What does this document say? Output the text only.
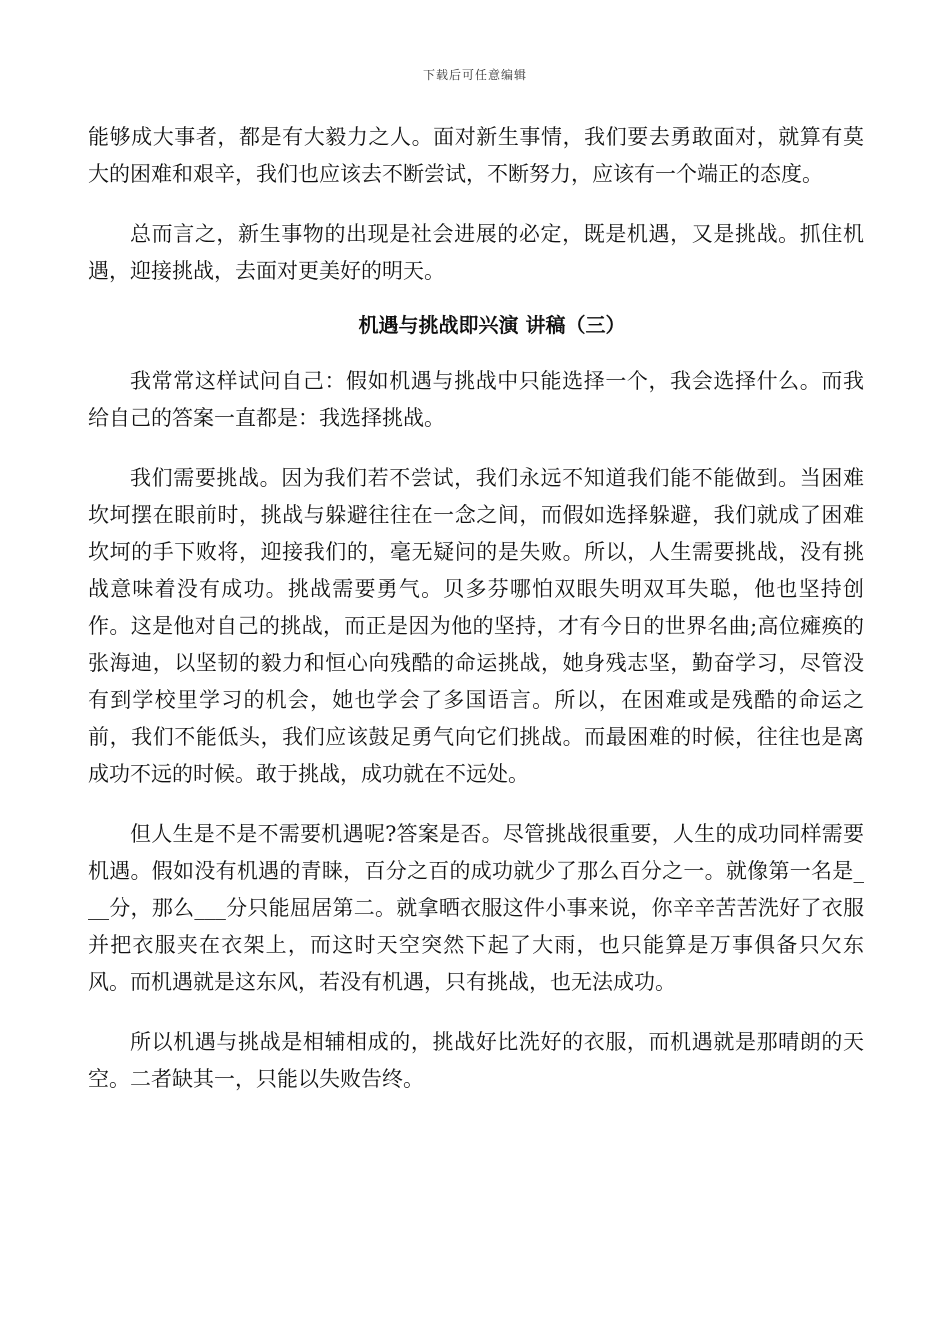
下载后可任意编辑

能够成大事者，都是有大毅力之人。面对新生事情，我们要去勇敢面对，就算有莫大的困难和艰辛，我们也应该去不断尝试，不断努力，应该有一个端正的态度。

总而言之，新生事物的出现是社会进展的必定，既是机遇，又是挑战。抓住机遇，迎接挑战，去面对更美好的明天。

机遇与挑战即兴演 讲稿（三）

我常常这样试问自己：假如机遇与挑战中只能选择一个，我会选择什么。而我给自己的答案一直都是：我选择挑战。

我们需要挑战。因为我们若不尝试，我们永远不知道我们能不能做到。当困难坎坷摆在眼前时，挑战与躲避往往在一念之间，而假如选择躲避，我们就成了困难坎坷的手下败将，迎接我们的，毫无疑问的是失败。所以，人生需要挑战，没有挑战意味着没有成功。挑战需要勇气。贝多芬哪怕双眼失明双耳失聪，他也坚持创作。这是他对自己的挑战，而正是因为他的坚持，才有今日的世界名曲;高位瘫痪的张海迪，以坚韧的毅力和恒心向残酷的命运挑战，她身残志坚，勤奋学习，尽管没有到学校里学习的机会，她也学会了多国语言。所以，在困难或是残酷的命运之前，我们不能低头，我们应该鼓足勇气向它们挑战。而最困难的时候，往往也是离成功不远的时候。敢于挑战，成功就在不远处。

但人生是不是不需要机遇呢?答案是否。尽管挑战很重要，人生的成功同样需要机遇。假如没有机遇的青睐，百分之百的成功就少了那么百分之一。就像第一名是___分，那么___分只能屈居第二。就拿晒衣服这件小事来说，你辛辛苦苦洗好了衣服并把衣服夹在衣架上，而这时天空突然下起了大雨，也只能算是万事俱备只欠东风。而机遇就是这东风，若没有机遇，只有挑战，也无法成功。

所以机遇与挑战是相辅相成的，挑战好比洗好的衣服，而机遇就是那晴朗的天空。二者缺其一，只能以失败告终。
